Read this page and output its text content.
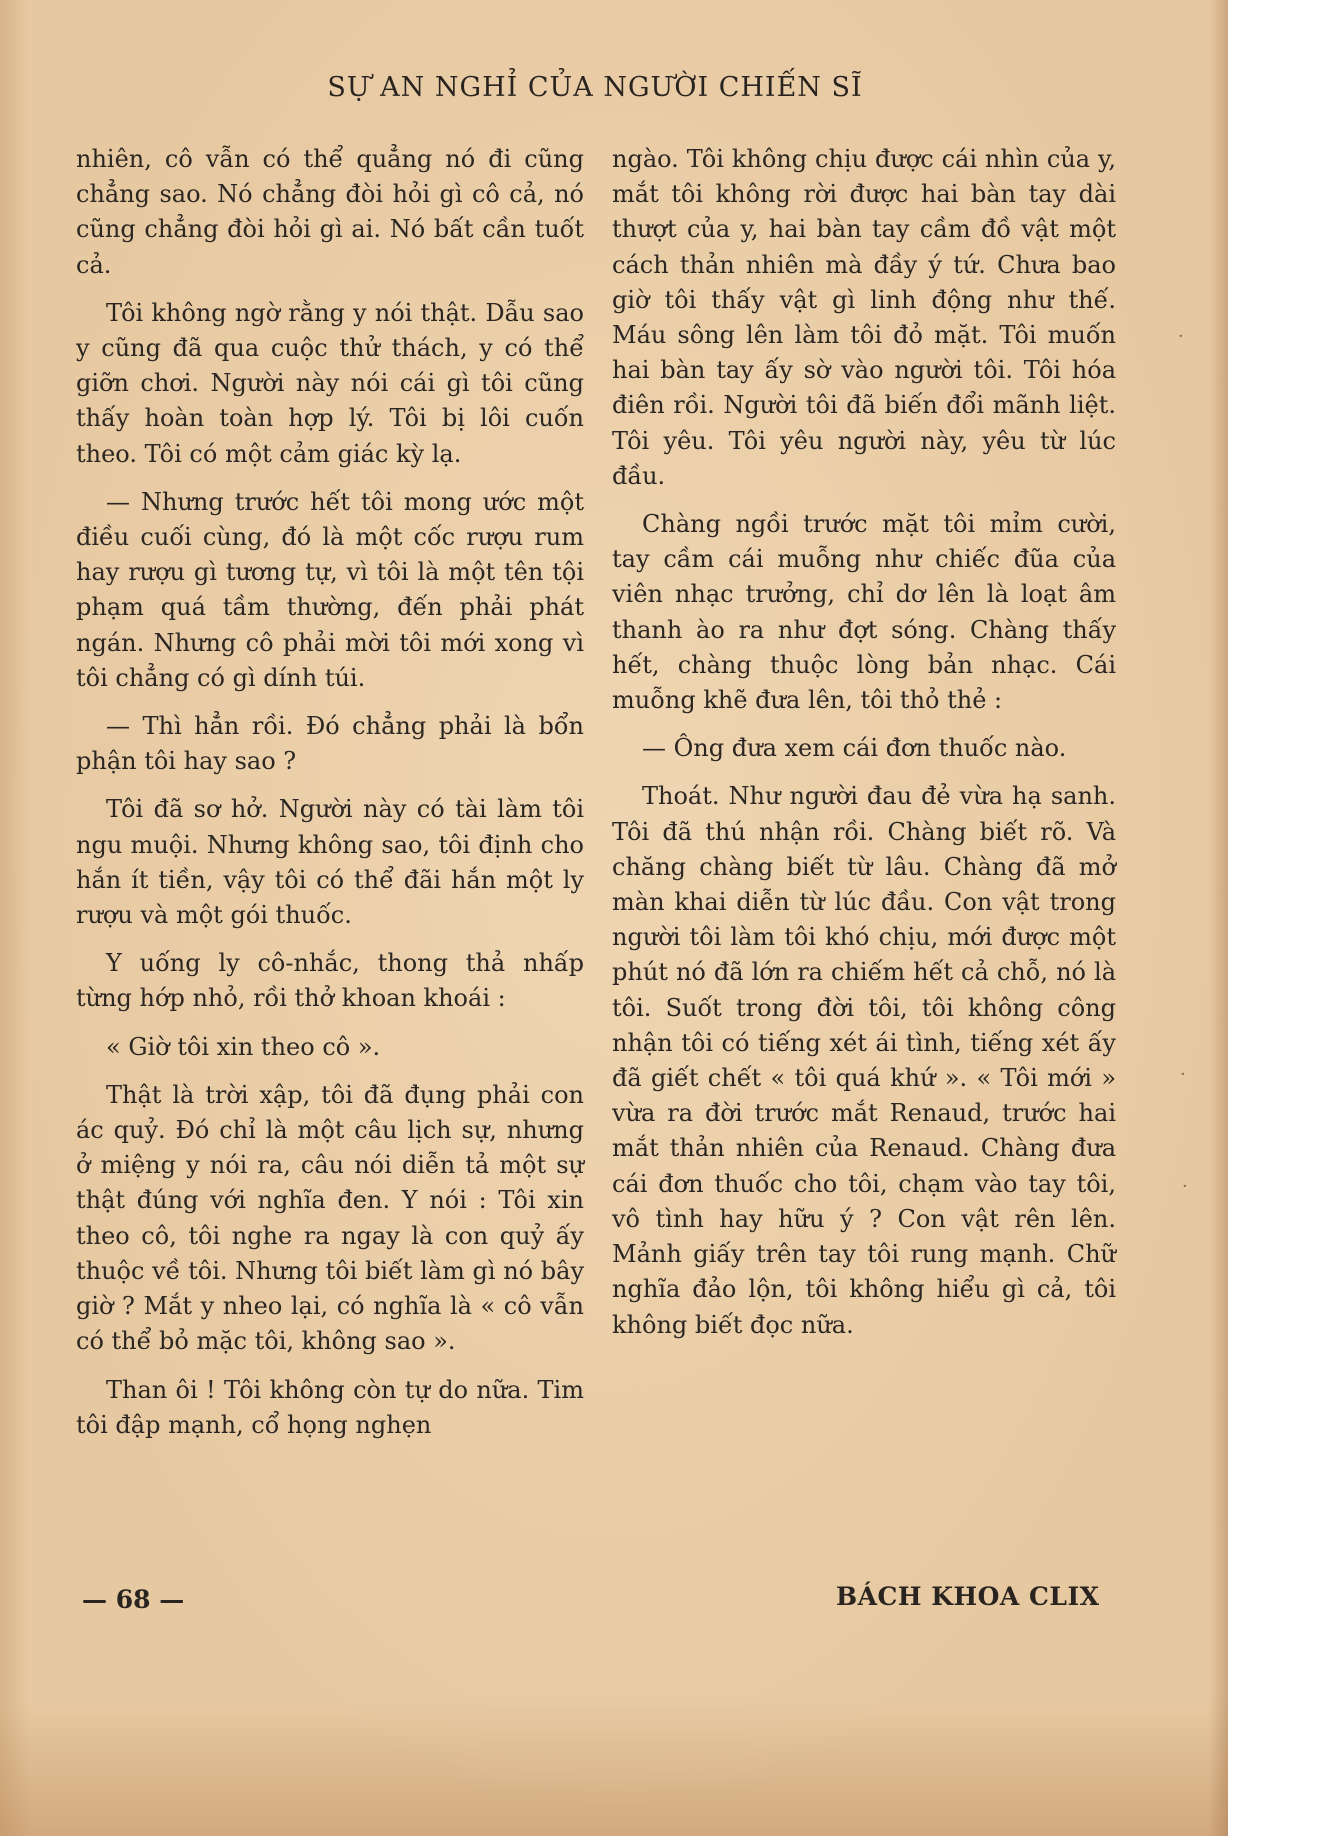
SỰ AN NGHỈ CỦA NGƯỜI CHIẾN SĨ

nhiên, cô vẫn có thể quẳng nó đi cũng chẳng sao. Nó chẳng đòi hỏi gì cô cả, nó cũng chẳng đòi hỏi gì ai. Nó bất cần tuốt cả.

Tôi không ngờ rằng y nói thật. Dẫu sao y cũng đã qua cuộc thử thách, y có thể giỡn chơi. Người này nói cái gì tôi cũng thấy hoàn toàn hợp lý. Tôi bị lôi cuốn theo. Tôi có một cảm giác kỳ lạ.

— Nhưng trước hết tôi mong ước một điều cuối cùng, đó là một cốc rượu rum hay rượu gì tương tự, vì tôi là một tên tội phạm quá tầm thường, đến phải phát ngán. Nhưng cô phải mời tôi mới xong vì tôi chẳng có gì dính túi.

— Thì hẳn rồi. Đó chẳng phải là bổn phận tôi hay sao ?

Tôi đã sơ hở. Người này có tài làm tôi ngu muội. Nhưng không sao, tôi định cho hắn ít tiền, vậy tôi có thể đãi hắn một ly rượu và một gói thuốc.

Y uống ly cô-nhắc, thong thả nhấp từng hớp nhỏ, rồi thở khoan khoái :

« Giờ tôi xin theo cô ».

Thật là trời xập, tôi đã đụng phải con ác quỷ. Đó chỉ là một câu lịch sự, nhưng ở miệng y nói ra, câu nói diễn tả một sự thật đúng với nghĩa đen. Y nói : Tôi xin theo cô, tôi nghe ra ngay là con quỷ ấy thuộc về tôi. Nhưng tôi biết làm gì nó bây giờ ? Mắt y nheo lại, có nghĩa là « cô vẫn có thể bỏ mặc tôi, không sao ».

Than ôi ! Tôi không còn tự do nữa. Tim tôi đập mạnh, cổ họng nghẹn

ngào. Tôi không chịu được cái nhìn của y, mắt tôi không rời được hai bàn tay dài thượt của y, hai bàn tay cầm đồ vật một cách thản nhiên mà đầy ý tứ. Chưa bao giờ tôi thấy vật gì linh động như thế. Máu sông lên làm tôi đỏ mặt. Tôi muốn hai bàn tay ấy sờ vào người tôi. Tôi hóa điên rồi. Người tôi đã biến đổi mãnh liệt. Tôi yêu. Tôi yêu người này, yêu từ lúc đầu.

Chàng ngồi trước mặt tôi mỉm cười, tay cầm cái muỗng như chiếc đũa của viên nhạc trưởng, chỉ dơ lên là loạt âm thanh ào ra như đợt sóng. Chàng thấy hết, chàng thuộc lòng bản nhạc. Cái muỗng khẽ đưa lên, tôi thỏ thẻ :

— Ông đưa xem cái đơn thuốc nào.

Thoát. Như người đau đẻ vừa hạ sanh. Tôi đã thú nhận rồi. Chàng biết rõ. Và chăng chàng biết từ lâu. Chàng đã mở màn khai diễn từ lúc đầu. Con vật trong người tôi làm tôi khó chịu, mới được một phút nó đã lớn ra chiếm hết cả chỗ, nó là tôi. Suốt trong đời tôi, tôi không công nhận tôi có tiếng xét ái tình, tiếng xét ấy đã giết chết « tôi quá khứ ». « Tôi mới » vừa ra đời trước mắt Renaud, trước hai mắt thản nhiên của Renaud. Chàng đưa cái đơn thuốc cho tôi, chạm vào tay tôi, vô tình hay hữu ý ? Con vật rên lên. Mảnh giấy trên tay tôi rung mạnh. Chữ nghĩa đảo lộn, tôi không hiểu gì cả, tôi không biết đọc nữa.

— 68 —	BÁCH KHOA CLIX
·
·
·
